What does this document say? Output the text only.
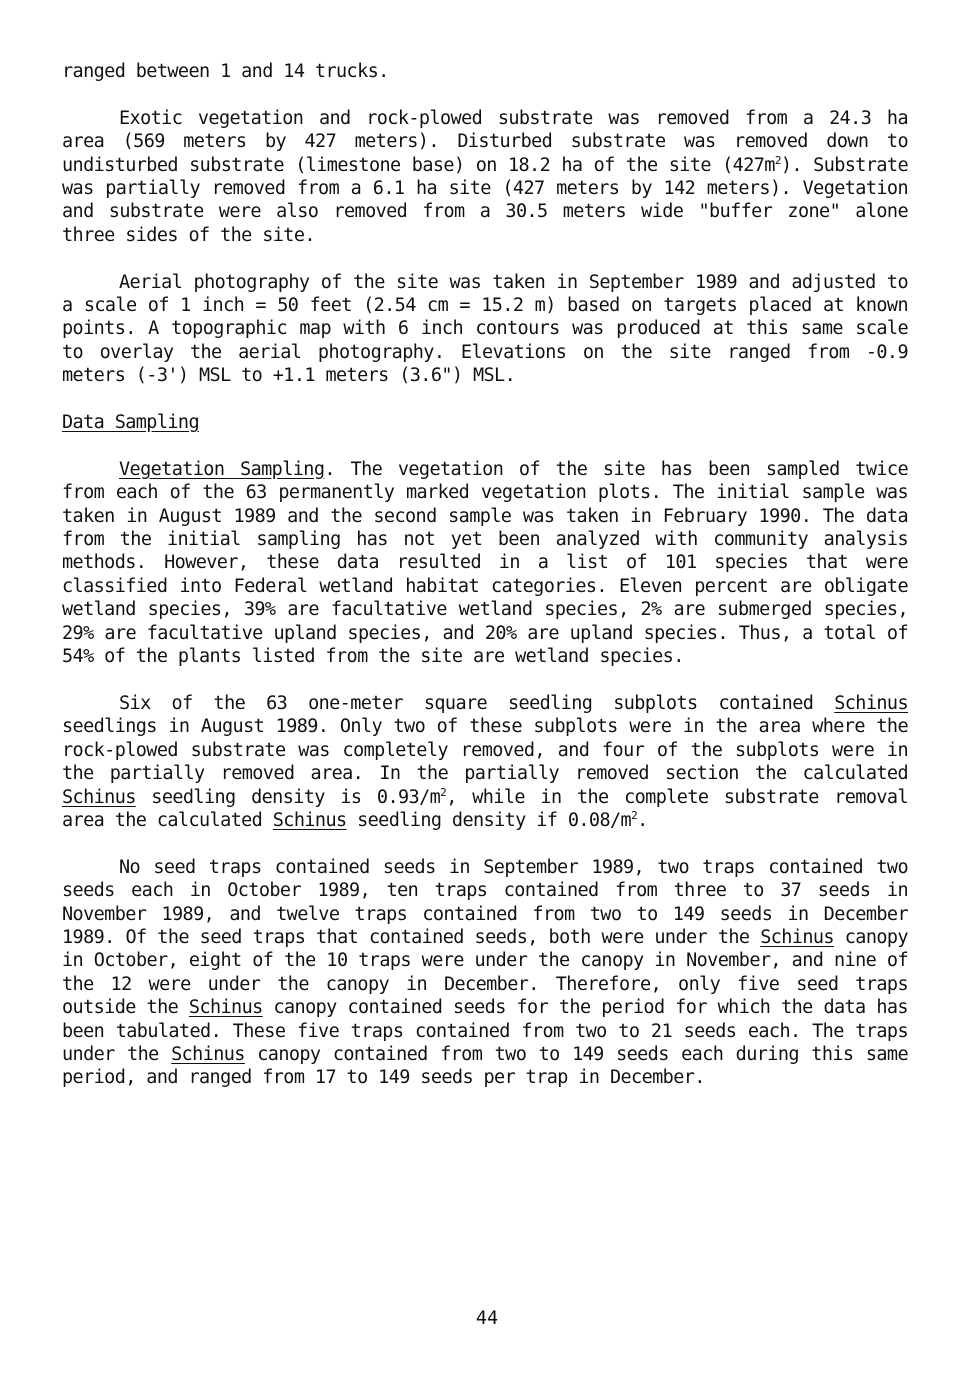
ranged between 1 and 14 trucks.

Exotic vegetation and rock-plowed substrate was removed from a 24.3 ha area (569 meters by 427 meters). Disturbed substrate was removed down to undisturbed substrate (limestone base) on 18.2 ha of the site $(427m^2)$. Substrate was partially removed from a 6.1 ha site (427 meters by 142 meters). Vegetation and substrate were also removed from a 30.5 meters wide "buffer zone" alone three sides of the site.

Aerial photography of the site was taken in September 1989 and adjusted to a scale of 1 inch = 50 feet (2.54 cm = 15.2 m) based on targets placed at known points. A topographic map with 6 inch contours was produced at this same scale to overlay the aerial photography. Elevations on the site ranged from -0.9 meters (-3') MSL to +1.1 meters (3.6") MSL.

Data Sampling

Vegetation Sampling. The vegetation of the site has been sampled twice from each of the 63 permanently marked vegetation plots. The initial sample was taken in August 1989 and the second sample was taken in February 1990. The data from the initial sampling has not yet been analyzed with community analysis methods. However, these data resulted in a list of 101 species that were classified into Federal wetland habitat categories. Eleven percent are obligate wetland species, 39% are facultative wetland species, 2% are submerged species, 29% are facultative upland species, and 20% are upland species. Thus, a total of 54% of the plants listed from the site are wetland species.

Six of the 63 one-meter square seedling subplots contained Schinus seedlings in August 1989. Only two of these subplots were in the area where the rock-plowed substrate was completely removed, and four of the subplots were in the partially removed area. In the partially removed section the calculated Schinus seedling density is $0.93/m^2$, while in the complete substrate removal area the calculated Schinus seedling density if $0.08/m^2$.

No seed traps contained seeds in September 1989, two traps contained two seeds each in October 1989, ten traps contained from three to 37 seeds in November 1989, and twelve traps contained from two to 149 seeds in December 1989. Of the seed traps that contained seeds, both were under the Schinus canopy in October, eight of the 10 traps were under the canopy in November, and nine of the 12 were under the canopy in December. Therefore, only five seed traps outside the Schinus canopy contained seeds for the period for which the data has been tabulated. These five traps contained from two to 21 seeds each. The traps under the Schinus canopy contained from two to 149 seeds each during this same period, and ranged from 17 to 149 seeds per trap in December.

44
